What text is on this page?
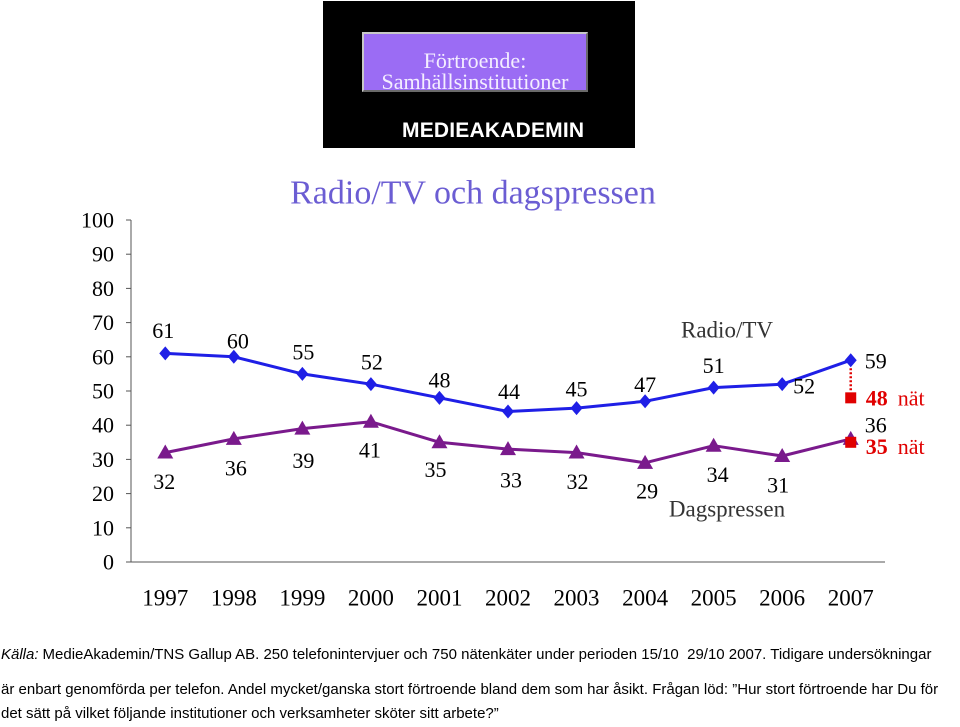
Förtroende:
Samhällsinstitutioner
MEDIEAKADEMIN
Radio/TV och dagspressen
0
10
20
30
40
50
60
70
80
90
100
1997 1998 1999 2000 2001 2002 2003 2004 2005 2006 2007
61 60 55 52
48 44 45 47
51
52
59
32
36 39 41
35 33 32 29
34 31
36
48 nät
35 nät
Radio/TV
Dagspressen
Källa: MedieAkademin/TNS Gallup AB. 250 telefonintervjuer och 750 nätenkäter under perioden 15/10  29/10 2007. Tidigare undersökningar
är enbart genomförda per telefon. Andel mycket/ganska stort förtroende bland dem som har åsikt. Frågan löd: ”Hur stort förtroende har Du för
det sätt på vilket följande institutioner och verksamheter sköter sitt arbete?”
